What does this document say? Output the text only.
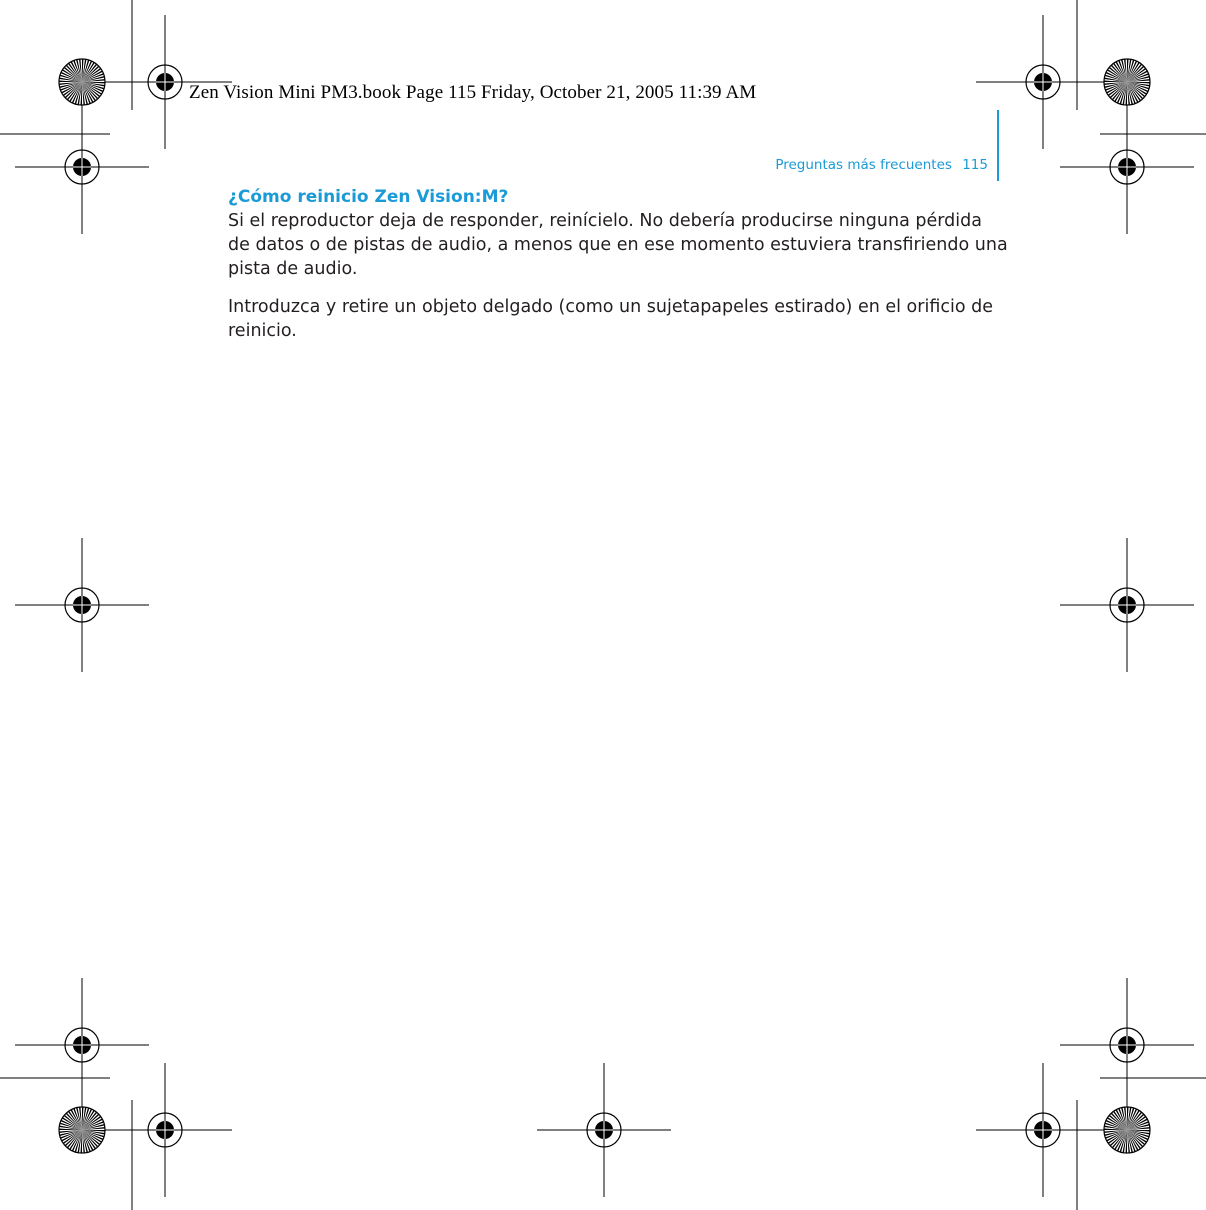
Zen Vision Mini PM3.book Page 115 Friday, October 21, 2005 11:39 AM
Preguntas más frecuentes 115
¿Cómo reinicio Zen Vision:M?

Si el reproductor deja de responder, reinícielo. No debería producirse ninguna pérdida de datos o de pistas de audio, a menos que en ese momento estuviera transfiriendo una pista de audio.

Introduzca y retire un objeto delgado (como un sujetapapeles estirado) en el orificio de reinicio.
